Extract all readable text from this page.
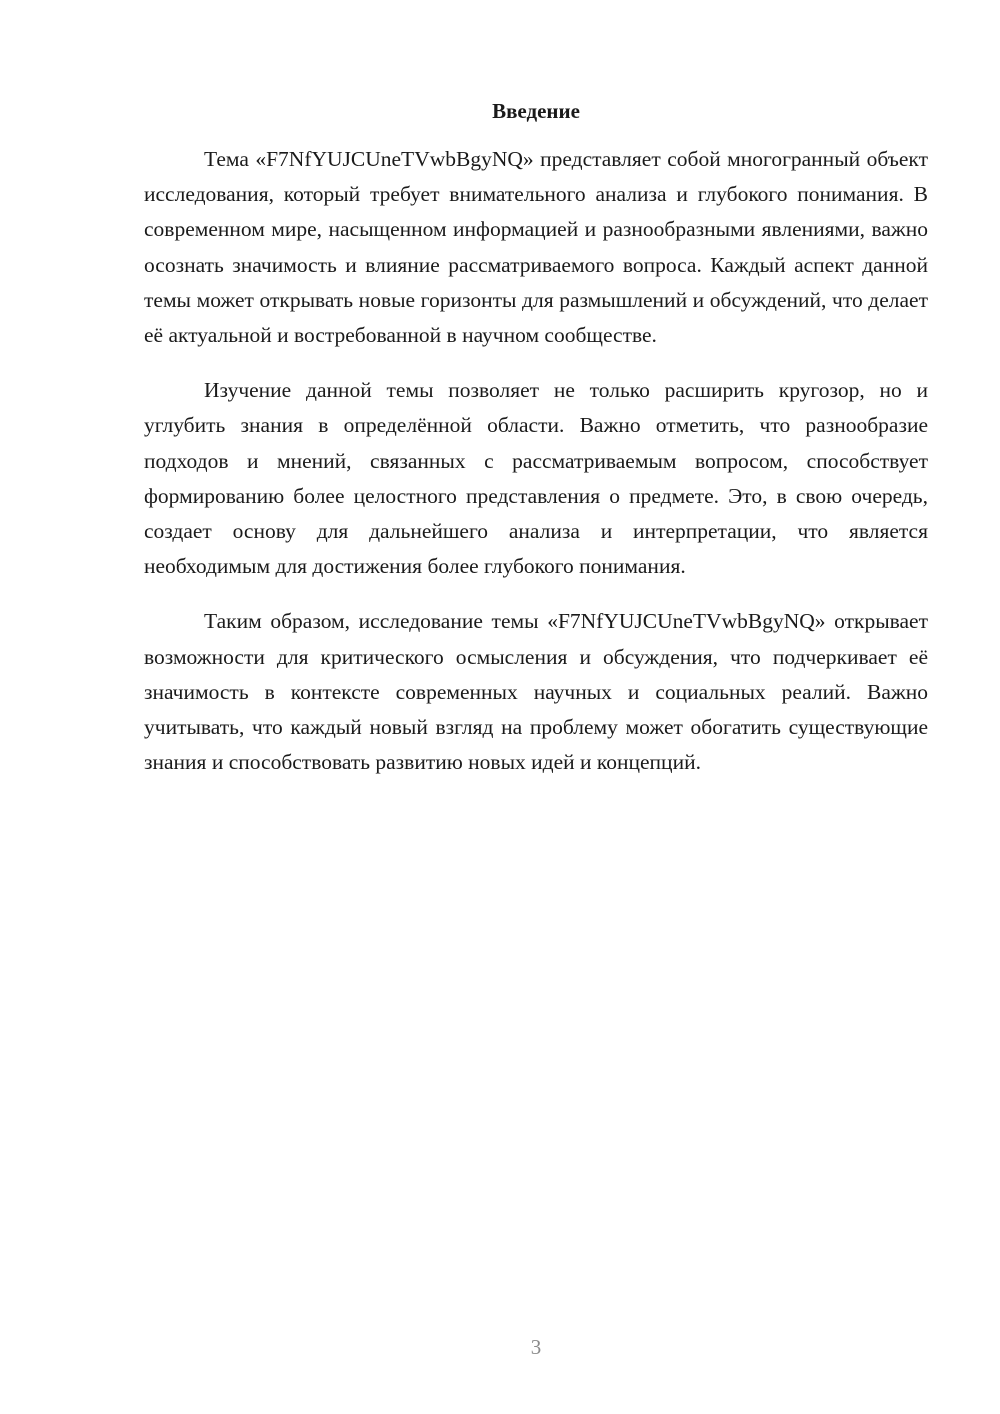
Введение

Тема «F7NfYUJCUneTVwbBgyNQ» представляет собой многогранный объект исследования, который требует внимательного анализа и глубокого понимания. В современном мире, насыщенном информацией и разнообразными явлениями, важно осознать значимость и влияние рассматриваемого вопроса. Каждый аспект данной темы может открывать новые горизонты для размышлений и обсуждений, что делает её актуальной и востребованной в научном сообществе.

Изучение данной темы позволяет не только расширить кругозор, но и углубить знания в определённой области. Важно отметить, что разнообразие подходов и мнений, связанных с рассматриваемым вопросом, способствует формированию более целостного представления о предмете. Это, в свою очередь, создает основу для дальнейшего анализа и интерпретации, что является необходимым для достижения более глубокого понимания.

Таким образом, исследование темы «F7NfYUJCUneTVwbBgyNQ» открывает возможности для критического осмысления и обсуждения, что подчеркивает её значимость в контексте современных научных и социальных реалий. Важно учитывать, что каждый новый взгляд на проблему может обогатить существующие знания и способствовать развитию новых идей и концепций.

3
